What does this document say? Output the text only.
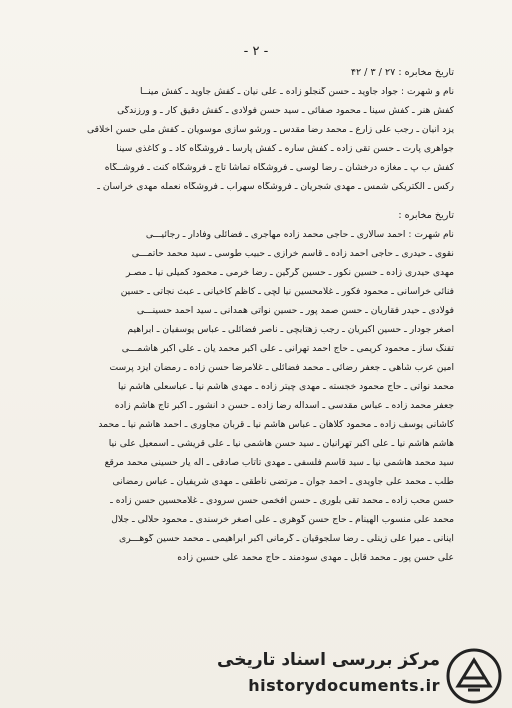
- ۲ -
تاریخ مخابره : ۲۷ / ۳ / ۴۲
نام و شهرت : جواد جاوید ـ حسن گنجلو زاده ـ علی نیان ـ کفش جاوید ـ کفش مینــا
کفش هنر ـ کفش سینا ـ محمود صفائی ـ سید حسن فولادی ـ کفش دقیق کار ـ و ورزندگی
یزد انیان ـ رجب علی زارع ـ محمد رضا مقدس ـ ورشو سازی موسویان ـ کفش ملی حسن اخلاقی
جواهری پارت ـ حسن تقی زاده ـ کفش ساره ـ کفش پارسا ـ فروشگاه کاد ـ و کاغذی سینا
کفش ب پ ـ مغازه درخشان ـ رضا لوسی ـ فروشگاه تماشا تاج ـ فروشگاه کنت ـ فروشــگاه
رکس ـ الکتریکی شمس ـ مهدی شجریان ـ فروشگاه سهراب ـ فروشگاه نعمله مهدی خراسان ـ
تاریخ مخابره :
نام شهرت : احمد سالاری ـ حاجی محمد زاده مهاجری ـ فضائلی وفادار ـ رجائیـــی
نقوی ـ حیدری ـ حاجی احمد زاده ـ قاسم خرازی ـ حبیب طوسی ـ سید محمد حاتمـــی
مهدی حیدری زاده ـ حسین نکور ـ حسین گرگین ـ رضا خرمی ـ محمود کمیلی نیا ـ مصـر
فنائی خراسانی ـ محمود فکور ـ غلامحسین نیا لچی ـ کاظم کاخیانی ـ عبث نجاتی ـ حسین
فولادی ـ حیدر فقاریان ـ حسن صمد پور ـ حسین نواتی همدانی ـ سید احمد حسینـــی
اصغر جودار ـ حسین اکبریان ـ رجب زهتابچی ـ ناصر فضائلی ـ عباس یوسفیان ـ ابراهیم
تفنگ ساز ـ محمود کریمی ـ حاج احمد تهرانی ـ علی اکبر محمد یان ـ علی اکبر هاشمـــی
امین عرب شاهی ـ جعفر رضائی ـ محمد فضائلی ـ غلامرضا حسن زاده ـ رمضان ایزد پرست
محمد نواتی ـ حاج محمود خجسته ـ مهدی چیتر زاده ـ مهدی هاشم نیا ـ عباسعلی هاشم نیا
جعفر محمد زاده ـ عباس مقدسی ـ اسداله رضا زاده ـ حسن د انشور ـ اکبر تاج هاشم زاده
کاشانی یوسف زاده ـ محمود کلاهان ـ عباس هاشم نیا ـ قربان مجاوری ـ احمد هاشم نیا ـ محمد
هاشم هاشم نیا ـ علی اکبر تهرانیان ـ سید حسن هاشمی نیا ـ علی قریشی ـ اسمعیل علی نیا
سید محمد هاشمی نیا ـ سید قاسم فلسفی ـ مهدی تاتاب صادقی ـ اله یار حسینی محمد مرقع
طلب ـ محمد علی جاویدی ـ احمد جوان ـ مرتضی ناطقی ـ مهدی شریفیان ـ عباس رمضانی
حسن محب زاده ـ محمد تقی بلوری ـ حسن افخمی حسن سرودی ـ غلامحسین حسن زاده ـ
محمد علی منسوب الهینام ـ حاج حسن گوهری ـ علی اصغر خرسندی ـ محمود حلالی ـ جلال
اینانی ـ میرا علی زینلی ـ رضا سلجوقیان ـ گرمانی اکبر ابراهیمی ـ محمد حسین گوهـــری
علی حسن پور ـ محمد قابل ـ مهدی سودمند ـ حاج محمد علی حسین زاده
مرکز بررسی اسناد تاریخی
historydocuments.ir
